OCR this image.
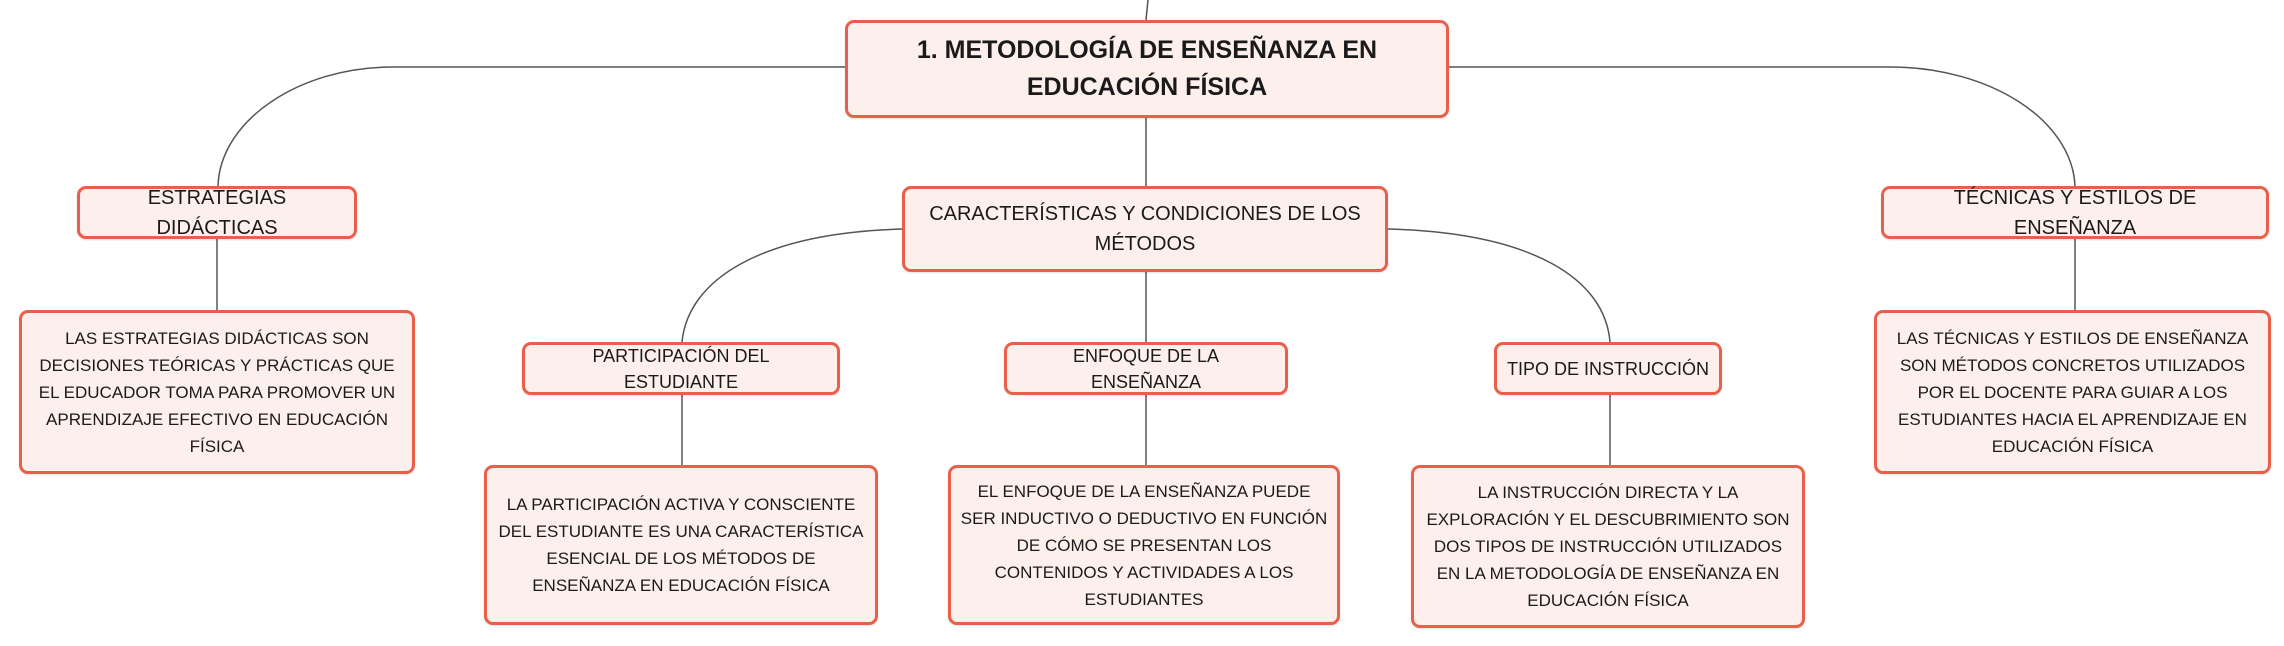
1. METODOLOGÍA DE ENSEÑANZA EN EDUCACIÓN FÍSICA
ESTRATEGIAS DIDÁCTICAS
LAS ESTRATEGIAS DIDÁCTICAS SON DECISIONES TEÓRICAS Y PRÁCTICAS QUE EL EDUCADOR TOMA PARA PROMOVER UN APRENDIZAJE EFECTIVO EN EDUCACIÓN FÍSICA
CARACTERÍSTICAS Y CONDICIONES DE LOS MÉTODOS
PARTICIPACIÓN DEL ESTUDIANTE
LA PARTICIPACIÓN ACTIVA Y CONSCIENTE DEL ESTUDIANTE ES UNA CARACTERÍSTICA ESENCIAL DE LOS MÉTODOS DE ENSEÑANZA EN EDUCACIÓN FÍSICA
ENFOQUE DE LA ENSEÑANZA
EL ENFOQUE DE LA ENSEÑANZA PUEDE SER INDUCTIVO O DEDUCTIVO EN FUNCIÓN DE CÓMO SE PRESENTAN LOS CONTENIDOS Y ACTIVIDADES A LOS ESTUDIANTES
TIPO DE INSTRUCCIÓN
LA INSTRUCCIÓN DIRECTA Y LA EXPLORACIÓN Y EL DESCUBRIMIENTO SON DOS TIPOS DE INSTRUCCIÓN UTILIZADOS EN LA METODOLOGÍA DE ENSEÑANZA EN EDUCACIÓN FÍSICA
TÉCNICAS Y ESTILOS DE ENSEÑANZA
LAS TÉCNICAS Y ESTILOS DE ENSEÑANZA SON MÉTODOS CONCRETOS UTILIZADOS POR EL DOCENTE PARA GUIAR A LOS ESTUDIANTES HACIA EL APRENDIZAJE EN EDUCACIÓN FÍSICA
